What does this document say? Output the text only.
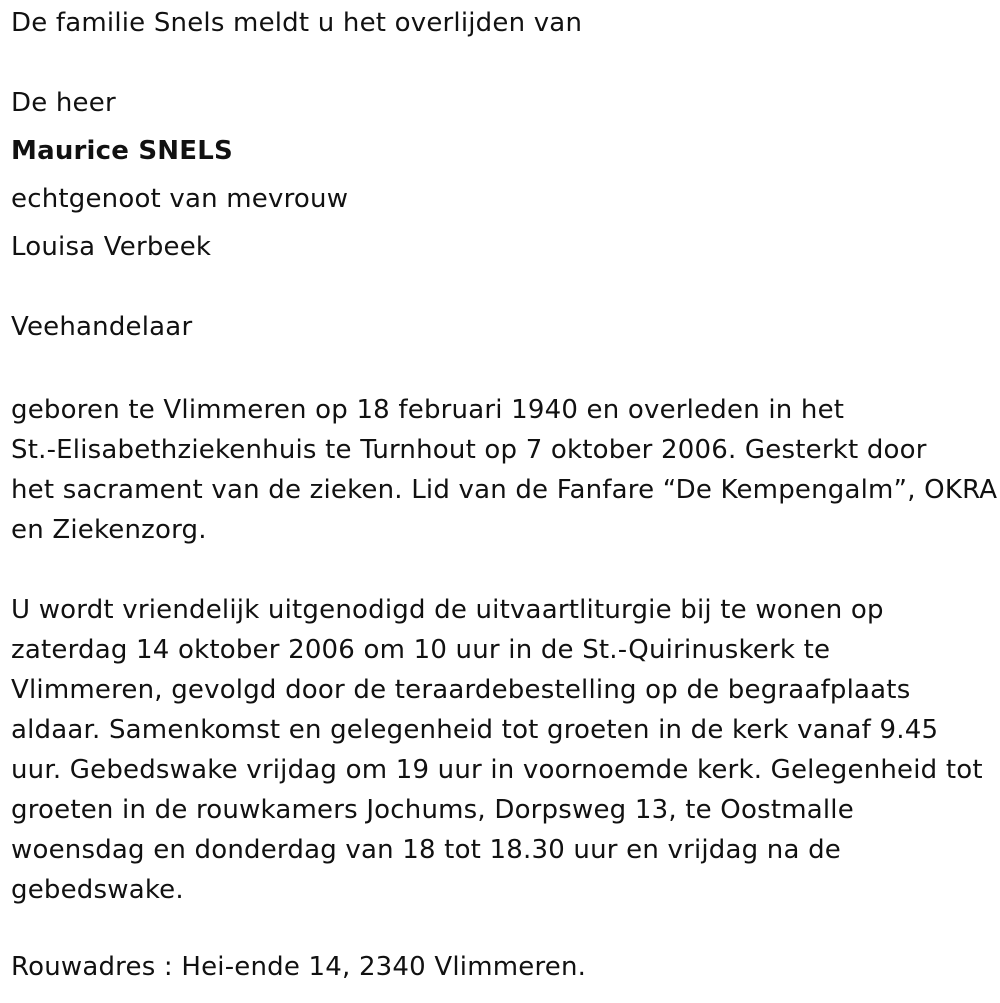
De familie Snels meldt u het overlijden van

De heer

Maurice SNELS

echtgenoot van mevrouw

Louisa Verbeek

Veehandelaar

geboren te Vlimmeren op 18 februari 1940 en overleden in het
St.-Elisabethziekenhuis te Turnhout op 7 oktober 2006. Gesterkt door
het sacrament van de zieken. Lid van de Fanfare “De Kempengalm”, OKRA
en Ziekenzorg.
U wordt vriendelijk uitgenodigd de uitvaartliturgie bij te wonen op
zaterdag 14 oktober 2006 om 10 uur in de St.-Quirinuskerk te
Vlimmeren, gevolgd door de teraardebestelling op de begraafplaats
aldaar. Samenkomst en gelegenheid tot groeten in de kerk vanaf 9.45
uur. Gebedswake vrijdag om 19 uur in voornoemde kerk. Gelegenheid tot
groeten in de rouwkamers Jochums, Dorpsweg 13, te Oostmalle
woensdag en donderdag van 18 tot 18.30 uur en vrijdag na de
gebedswake.

Rouwadres : Hei-ende 14, 2340 Vlimmeren.
